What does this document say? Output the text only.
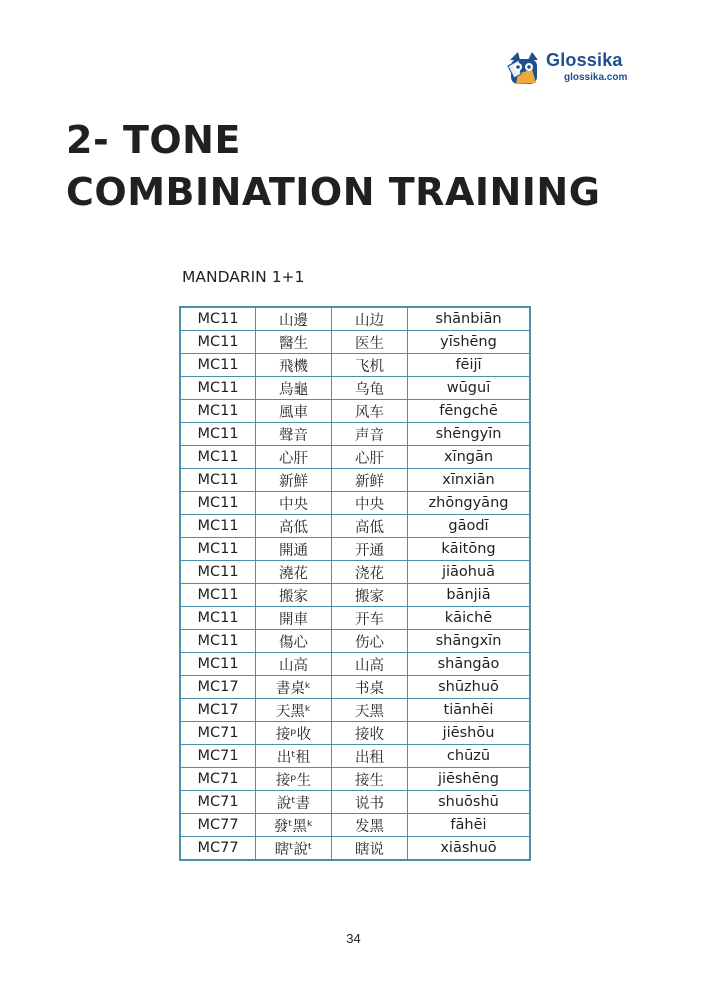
Glossika
glossika.com
2- TONE
COMBINATION TRAINING
MANDARIN 1+1
MC11	山邊	山边	shānbiān
MC11	醫生	医生	yīshēng
MC11	飛機	飞机	fēijī
MC11	烏龜	乌龟	wūguī
MC11	風車	风车	fēngchē
MC11	聲音	声音	shēngyīn
MC11	心肝	心肝	xīngān
MC11	新鮮	新鲜	xīnxiān
MC11	中央	中央	zhōngyāng
MC11	高低	高低	gāodī
MC11	開通	开通	kāitōng
MC11	澆花	浇花	jiāohuā
MC11	搬家	搬家	bānjiā
MC11	開車	开车	kāichē
MC11	傷心	伤心	shāngxīn
MC11	山高	山高	shāngāo
MC17	書桌ᵏ	书桌	shūzhuō
MC17	天黑ᵏ	天黑	tiānhēi
MC71	接ᵖ收	接收	jiēshōu
MC71	出ᵗ租	出租	chūzū
MC71	接ᵖ生	接生	jiēshēng
MC71	說ᵗ書	说书	shuōshū
MC77	發ᵗ黑ᵏ	发黑	fāhēi
MC77	瞎ᵗ說ᵗ	瞎说	xiāshuō
34
